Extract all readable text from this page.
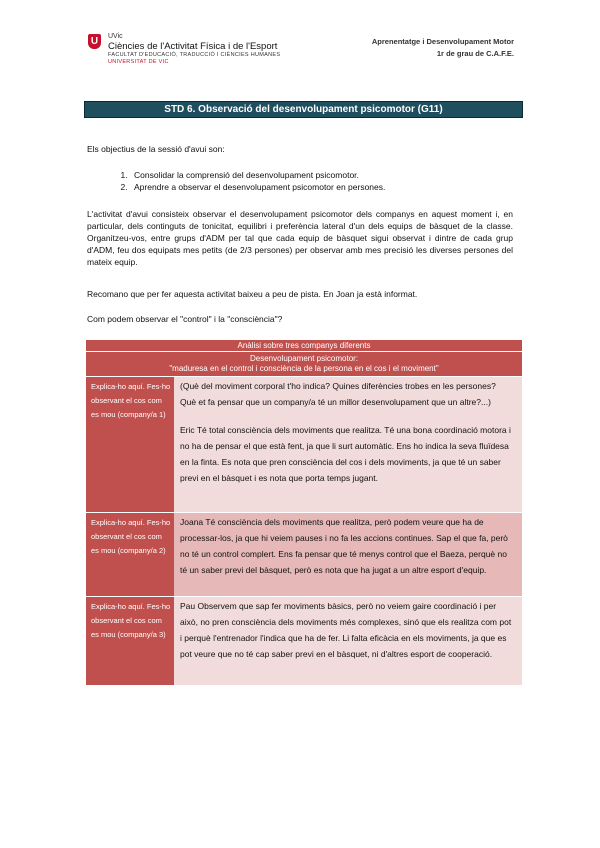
U	UVic
Ciències de l'Activitat Física i de l'Esport
FACULTAT D'EDUCACIÓ, TRADUCCIÓ I CIÈNCIES HUMANES
UNIVERSITAT DE VIC
Aprenentatge i Desenvolupament Motor
1r de grau de C.A.F.E.
STD 6. Observació del desenvolupament psicomotor (G11)
Els objectius de la sessió d'avui son:
1. Consolidar la comprensió del desenvolupament psicomotor.
2. Aprendre a observar el desenvolupament psicomotor en persones.
L'activitat d'avui consisteix observar el desenvolupament psicomotor dels companys en aquest moment i, en particular, dels continguts de tonicitat, equilibri i preferència lateral d'un dels equips de bàsquet de la classe. Organitzeu-vos, entre grups d'ADM per tal que cada equip de bàsquet sigui observat i dintre de cada grup d'ADM, feu dos equipats mes petits (de 2/3 persones) per observar amb mes precisió les diverses persones del mateix equip.
Recomano que per fer aquesta activitat baixeu a peu de pista. En Joan ja està informat.
Com podem observar el "control" i la "consciència"?
Anàlisi sobre tres companys diferents	

Desenvolupament psicomotor:
"maduresa en el control i consciència de la persona en el cos i el moviment"	

Explica-ho aquí. Fes-ho observant el cos com es mou (company/a 1)	(Què del moviment corporal t'ho indica? Quines diferències trobes en les persones? Què et fa pensar que un company/a té un millor desenvolupament que un altre?...)
Eric Té total consciència dels moviments que realitza. Té una bona coordinació motora i no ha de pensar el que està fent, ja que li surt automàtic. Ens ho indica la seva fluïdesa en la finta. Es nota que pren consciència del cos i dels moviments, ja que té un saber previ en el bàsquet i es nota que porta temps jugant.

Explica-ho aquí. Fes-ho observant el cos com es mou (company/a 2)	Joana Té consciència dels moviments que realitza, però podem veure que ha de processar-los, ja que hi veiem pauses i no fa les accions continues. Sap el que fa, però no té un control complert. Ens fa pensar que té menys control que el Baeza, perquè no té un saber previ del bàsquet, però es nota que ha jugat a un altre esport d'equip.

Explica-ho aquí. Fes-ho observant el cos com es mou (company/a 3)	Pau Observem que sap fer moviments bàsics, però no veiem gaire coordinació i per això, no pren consciència dels moviments més complexes, sinó que els realitza com pot i perquè l'entrenador l'indica que ha de fer. Li falta eficàcia en els moviments, ja que es pot veure que no té cap saber previ en el bàsquet, ni d'altres esport de cooperació.
